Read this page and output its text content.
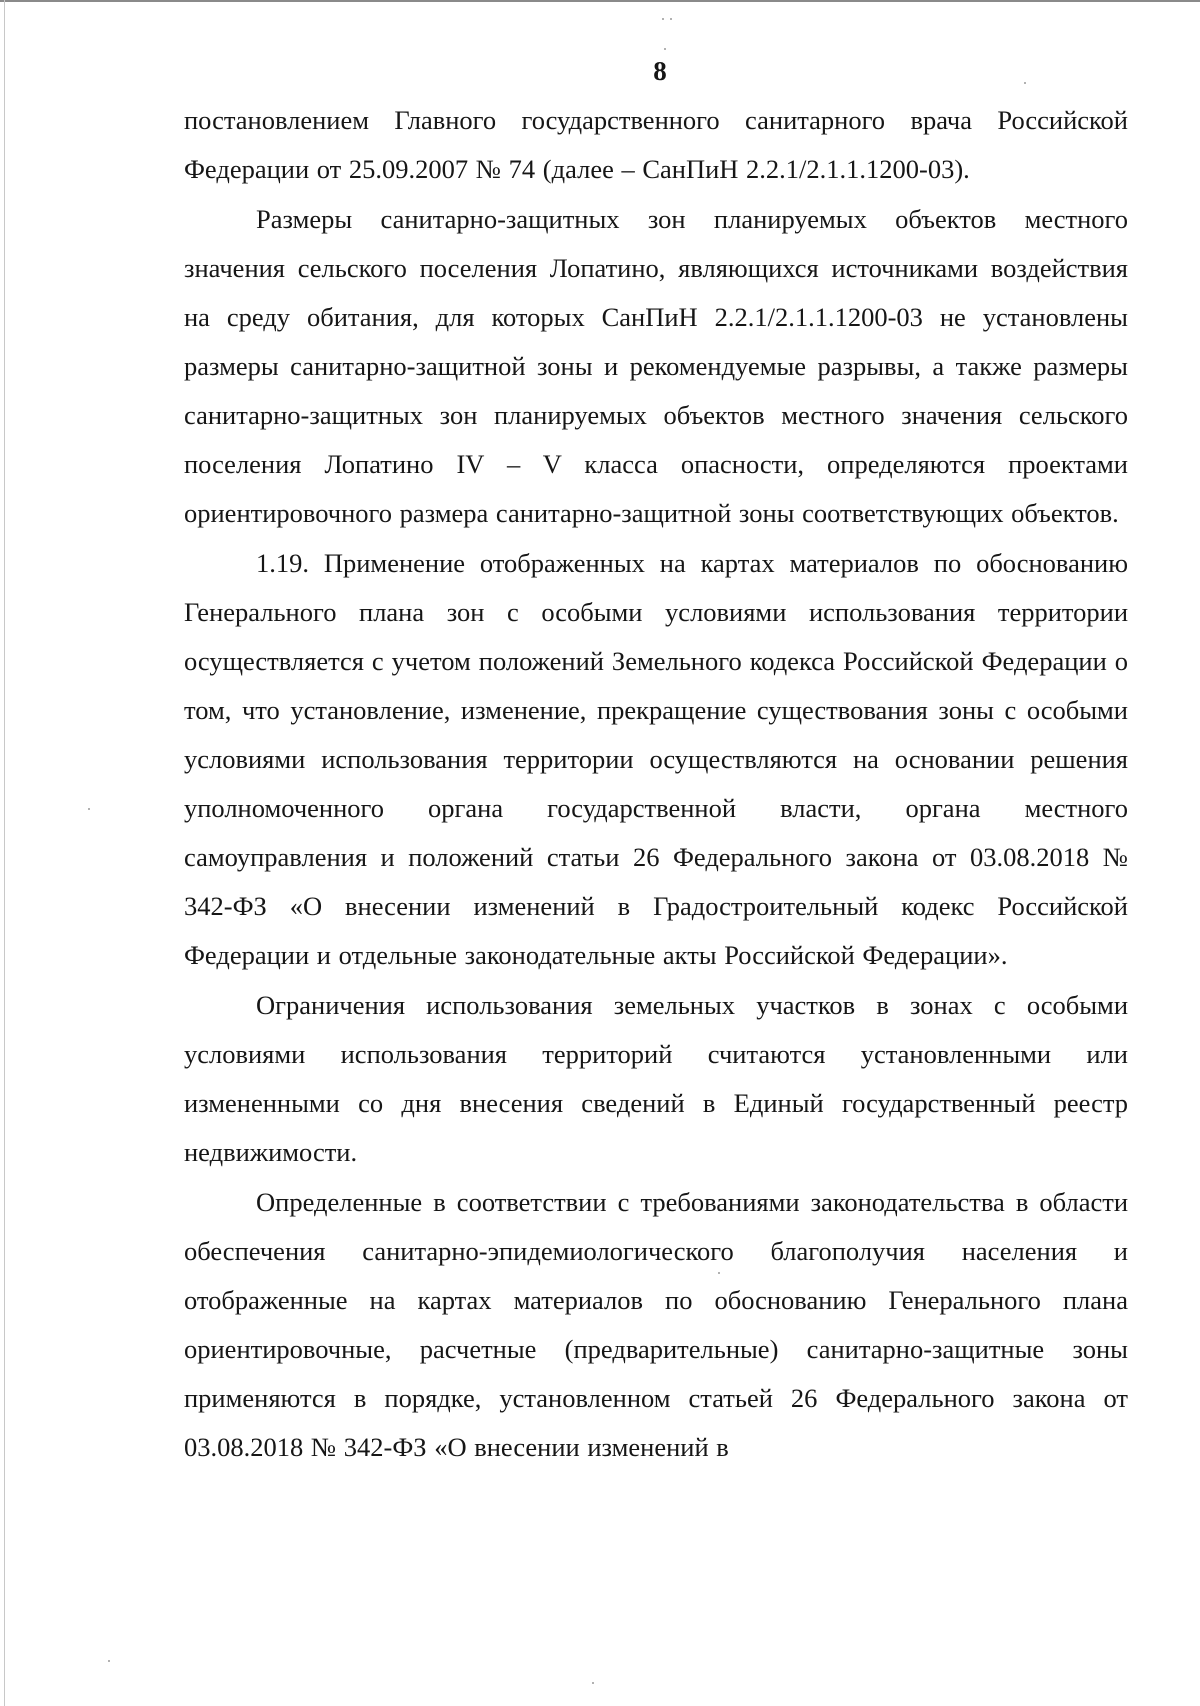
8

постановлением Главного государственного санитарного врача Российской Федерации от 25.09.2007 № 74 (далее – СанПиН 2.2.1/2.1.1.1200-03).

Размеры санитарно-защитных зон планируемых объектов местного значения сельского поселения Лопатино, являющихся источниками воздействия на среду обитания, для которых СанПиН 2.2.1/2.1.1.1200-03 не установлены размеры санитарно-защитной зоны и рекомендуемые разрывы, а также размеры санитарно-защитных зон планируемых объектов местного значения сельского поселения Лопатино IV – V класса опасности, определяются проектами ориентировочного размера санитарно-защитной зоны соответствующих объектов.

1.19. Применение отображенных на картах материалов по обоснованию Генерального плана зон с особыми условиями использования территории осуществляется с учетом положений Земельного кодекса Российской Федерации о том, что установление, изменение, прекращение существования зоны с особыми условиями использования территории осуществляются на основании решения уполномоченного органа государственной власти, органа местного самоуправления и положений статьи 26 Федерального закона от 03.08.2018 № 342-ФЗ «О внесении изменений в Градостроительный кодекс Российской Федерации и отдельные законодательные акты Российской Федерации».

Ограничения использования земельных участков в зонах с особыми условиями использования территорий считаются установленными или измененными со дня внесения сведений в Единый государственный реестр недвижимости.

Определенные в соответствии с требованиями законодательства в области обеспечения санитарно-эпидемиологического благополучия населения и отображенные на картах материалов по обоснованию Генерального плана ориентировочные, расчетные (предварительные) санитарно-защитные зоны применяются в порядке, установленном статьей 26 Федерального закона от 03.08.2018 № 342-ФЗ «О внесении изменений в
